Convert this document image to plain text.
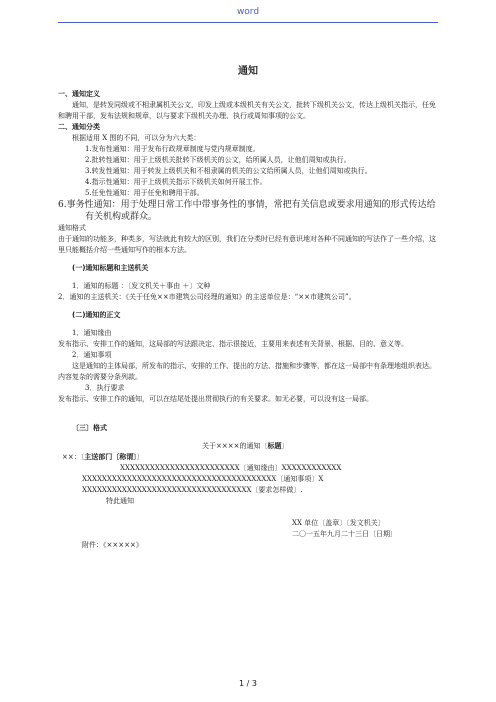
word
通知

一、通知定义

通知，是转发同级或不相隶属机关公文，印发上级或本级机关有关公文，批转下级机关公文，传达上级机关指示，任免和聘用干部，发布法规和规章，以与要求下级机关办理、执行或周知事项的公文。

二、通知分类

根据适用 X 围的不同，可以分为六大类：

1.发布性通知：用于发布行政规章制度与党内规章制度。

2.批转性通知：用于上级机关批转下级机关的公文，给所属人员，让他们周知或执行。

3.转发性通知：用于转发上级机关和不相隶属的机关的公文给所属人员，让他们周知或执行。

4.指示性通知：用于上级机关指示下级机关如何开展工作。

5.任免性通知：用于任免和聘用干部。

6.事务性通知：用于处理日常工作中带事务性的事情，常把有关信息或要求用通知的形式传达给有关机构或群众。

通知格式

由于通知的功能多，种类多，写法就此有较大的区别，我们在分类时已经有意识地对各种不同通知的写法作了一些介绍，这里只能概括介绍一些通知写作的根本方法。

(一)通知标题和主送机关

1．通知的标题 ：〔发文机关＋事由 ＋〕文种

2．通知的主送机关：《关于任免××市建筑公司经理的通知》的主送单位是：“××市建筑公司”。

(二)通知的正文

1．通知缘由

发布指示、安排工作的通知，这局部的写法跟决定、指示很接近，主要用来表述有关背景、根据、目的、意义等。

2．通知事项

这是通知的主体局部，所发布的指示、安排的工作、提出的方法、措施和步骤等，都在这一局部中有条理地组织表达。内容复杂的需要分条列款。

3．执行要求

发布指示、安排工作的通知，可以在结尾处提出贯彻执行的有关要求。如无必要，可以没有这一局部。

〔三〕格式

关于××××的通知〔标题〕

××：〔主送部门〔称谓〕〕

XXXXXXXXXXXXXXXXXXXXXXXX〔通知缘由〕XXXXXXXXXXXX

XXXXXXXXXXXXXXXXXXXXXXXXXXXXXXXXXXXXXXX〔通知事项〕X

XXXXXXXXXXXXXXXXXXXXXXXXXXXXXXXXXX〔要求怎样做〕.

特此通知

XX 单位〔盖章〕〔发文机关〕

二〇一五年九月二十三日〔日期〕

附件：《×××××》

1 / 3
